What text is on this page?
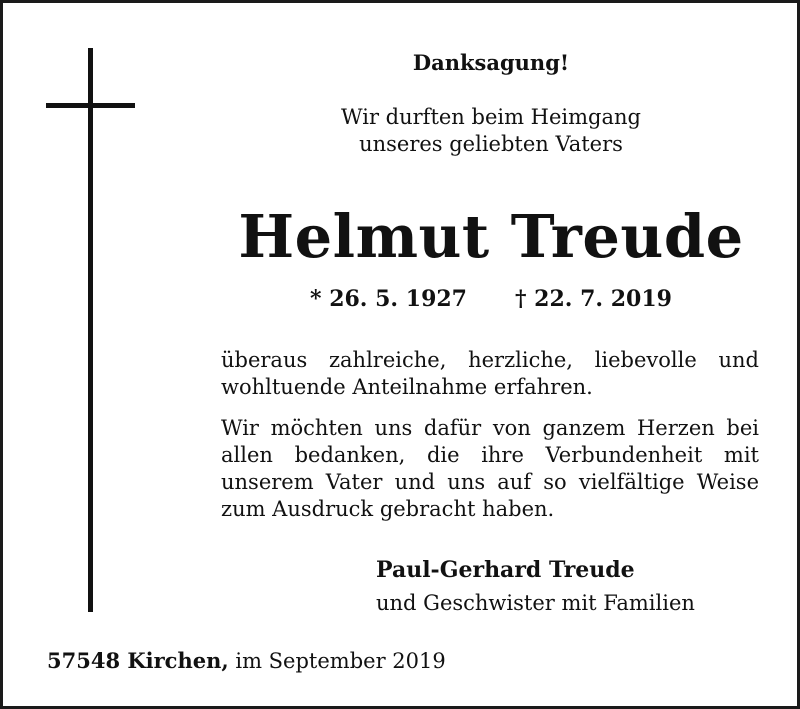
Danksagung!
Wir durften beim Heimgang
unseres geliebten Vaters
Helmut Treude
* 26. 5. 1927 † 22. 7. 2019

überaus zahlreiche, herzliche, liebevolle und wohltuende Anteilnahme erfahren.

Wir möchten uns dafür von ganzem Herzen bei allen bedanken, die ihre Verbundenheit mit unserem Vater und uns auf so vielfältige Weise zum Ausdruck gebracht haben.

Paul-Gerhard Treude
und Geschwister mit Familien
57548 Kirchen, im September 2019
